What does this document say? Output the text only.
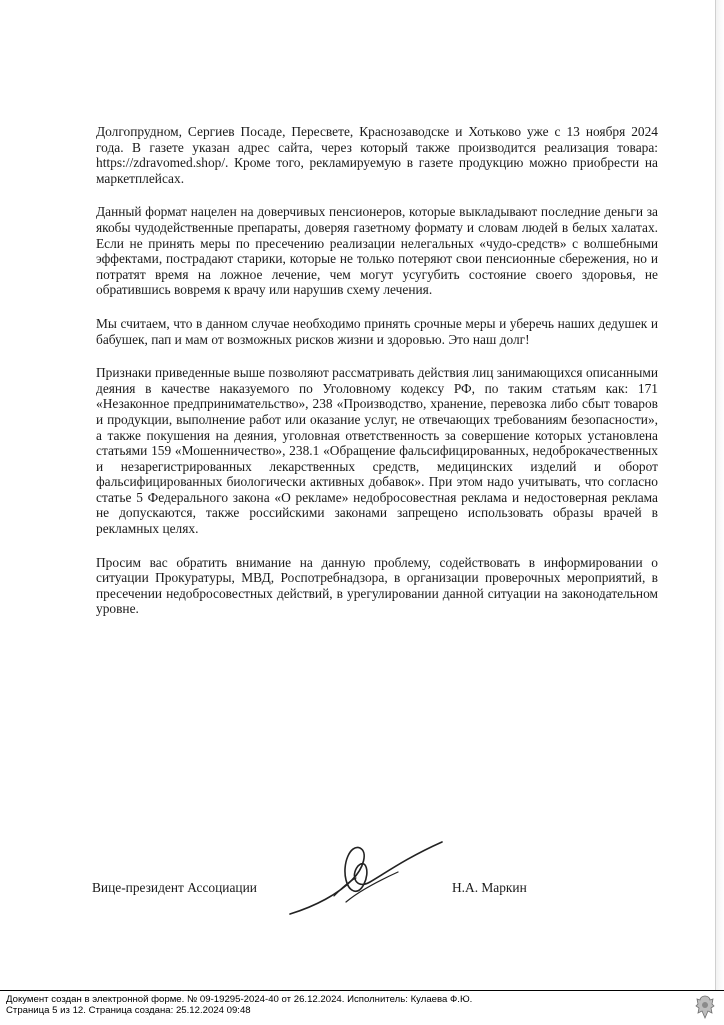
Долгопрудном, Сергиев Посаде, Пересвете, Краснозаводске и Хотьково уже с 13 ноября 2024 года. В газете указан адрес сайта, через который также производится реализация товара: https://zdravomed.shop/. Кроме того, рекламируемую в газете продукцию можно приобрести на маркетплейсах.

Данный формат нацелен на доверчивых пенсионеров, которые выкладывают последние деньги за якобы чудодейственные препараты, доверяя газетному формату и словам людей в белых халатах. Если не принять меры по пресечению реализации нелегальных «чудо-средств» с волшебными эффектами, пострадают старики, которые не только потеряют свои пенсионные сбережения, но и потратят время на ложное лечение, чем могут усугубить состояние своего здоровья, не обратившись вовремя к врачу или нарушив схему лечения.

Мы считаем, что в данном случае необходимо принять срочные меры и уберечь наших дедушек и бабушек, пап и мам от возможных рисков жизни и здоровью. Это наш долг!

Признаки приведенные выше позволяют рассматривать действия лиц занимающихся описанными деяния в качестве наказуемого по Уголовному кодексу РФ, по таким статьям как: 171 «Незаконное предпринимательство», 238 «Производство, хранение, перевозка либо сбыт товаров и продукции, выполнение работ или оказание услуг, не отвечающих требованиям безопасности», а также покушения на деяния, уголовная ответственность за совершение которых установлена статьями 159 «Мошенничество», 238.1 «Обращение фальсифицированных, недоброкачественных и незарегистрированных лекарственных средств, медицинских изделий и оборот фальсифицированных биологически активных добавок». При этом надо учитывать, что согласно статье 5 Федерального закона «О рекламе» недобросовестная реклама и недостоверная реклама не допускаются, также российскими законами запрещено использовать образы врачей в рекламных целях.

Просим вас обратить внимание на данную проблему, содействовать в информировании о ситуации Прокуратуры, МВД, Роспотребнадзора, в организации проверочных мероприятий, в пресечении недобросовестных действий, в урегулировании данной ситуации на законодательном уровне.

Вице-президент Ассоциации	Н.А. Маркин
Документ создан в электронной форме. № 09-19295-2024-40 от 26.12.2024. Исполнитель: Кулаева Ф.Ю.
Страница 5 из 12. Страница создана: 25.12.2024 09:48
